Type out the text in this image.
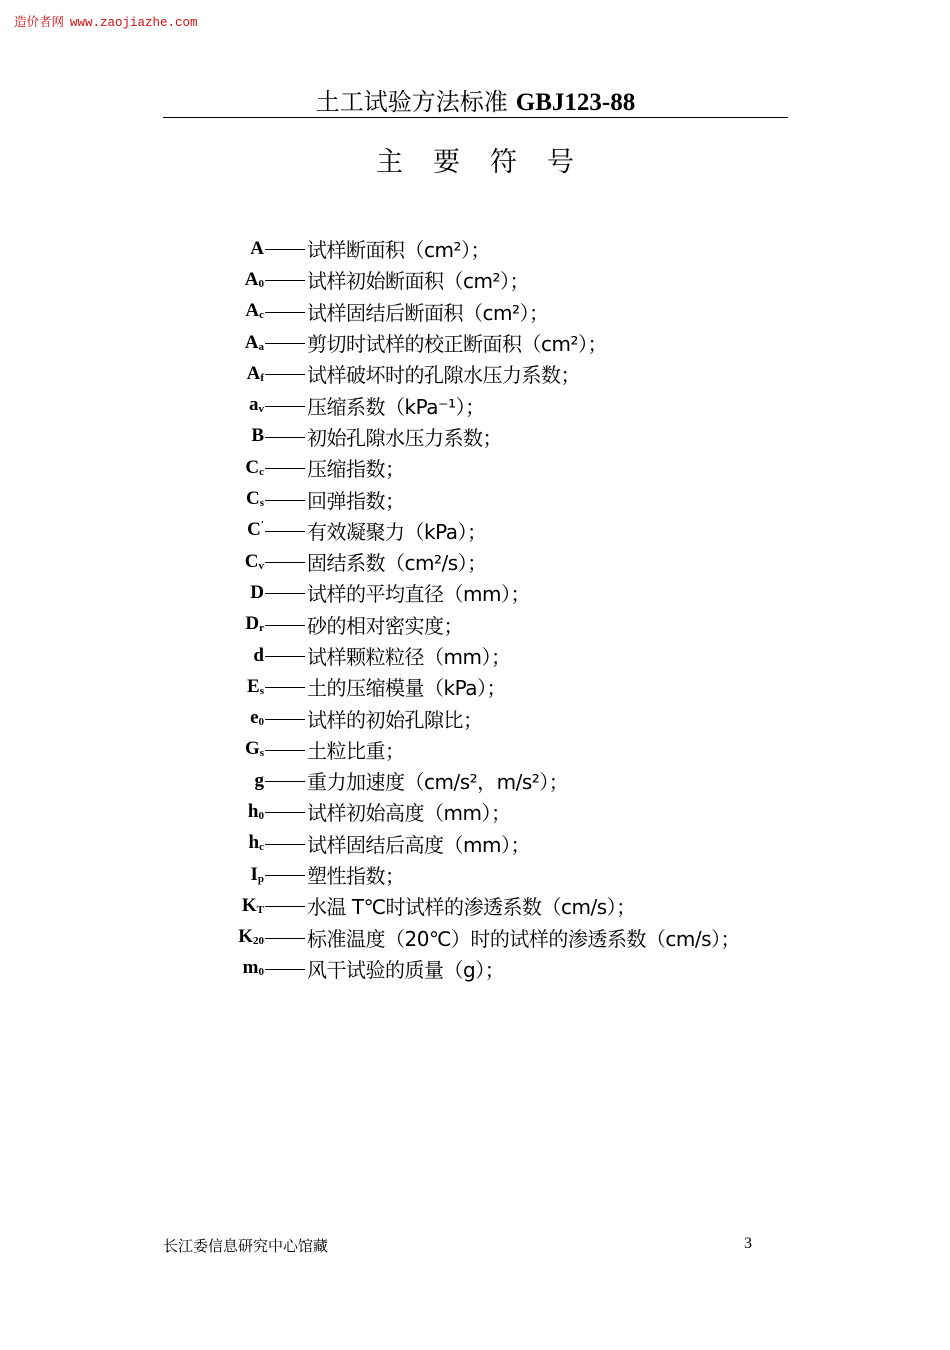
造价者网 www.zaojiazhe.com
土工试验方法标准 GBJ123-88
主要符号
A 试样断面积（cm²）；
$A_0$ 试样初始断面积（cm²）；
$A_c$ 试样固结后断面积（cm²）；
$A_a$ 剪切时试样的校正断面积（cm²）；
$A_f$ 试样破坏时的孔隙水压力系数；
$a_v$ 压缩系数（kPa⁻¹）；
B 初始孔隙水压力系数；
$C_c$ 压缩指数；
$C_s$ 回弹指数；
C′ 有效凝聚力（kPa）；
$C_v$ 固结系数（cm²/s）；
D 试样的平均直径（mm）；
$D_r$ 砂的相对密实度；
d 试样颗粒粒径（mm）；
$E_s$ 土的压缩模量（kPa）；
$e_0$ 试样的初始孔隙比；
$G_s$ 土粒比重；
g 重力加速度（cm/s²，m/s²）；
$h_0$ 试样初始高度（mm）；
$h_c$ 试样固结后高度（mm）；
$I_p$ 塑性指数；
$K_T$ 水温 T℃时试样的渗透系数（cm/s）；
$K_{20}$ 标准温度（20℃）时的试样的渗透系数（cm/s）；
$m_0$ 风干试验的质量（g）；
长江委信息研究中心馆藏	3
